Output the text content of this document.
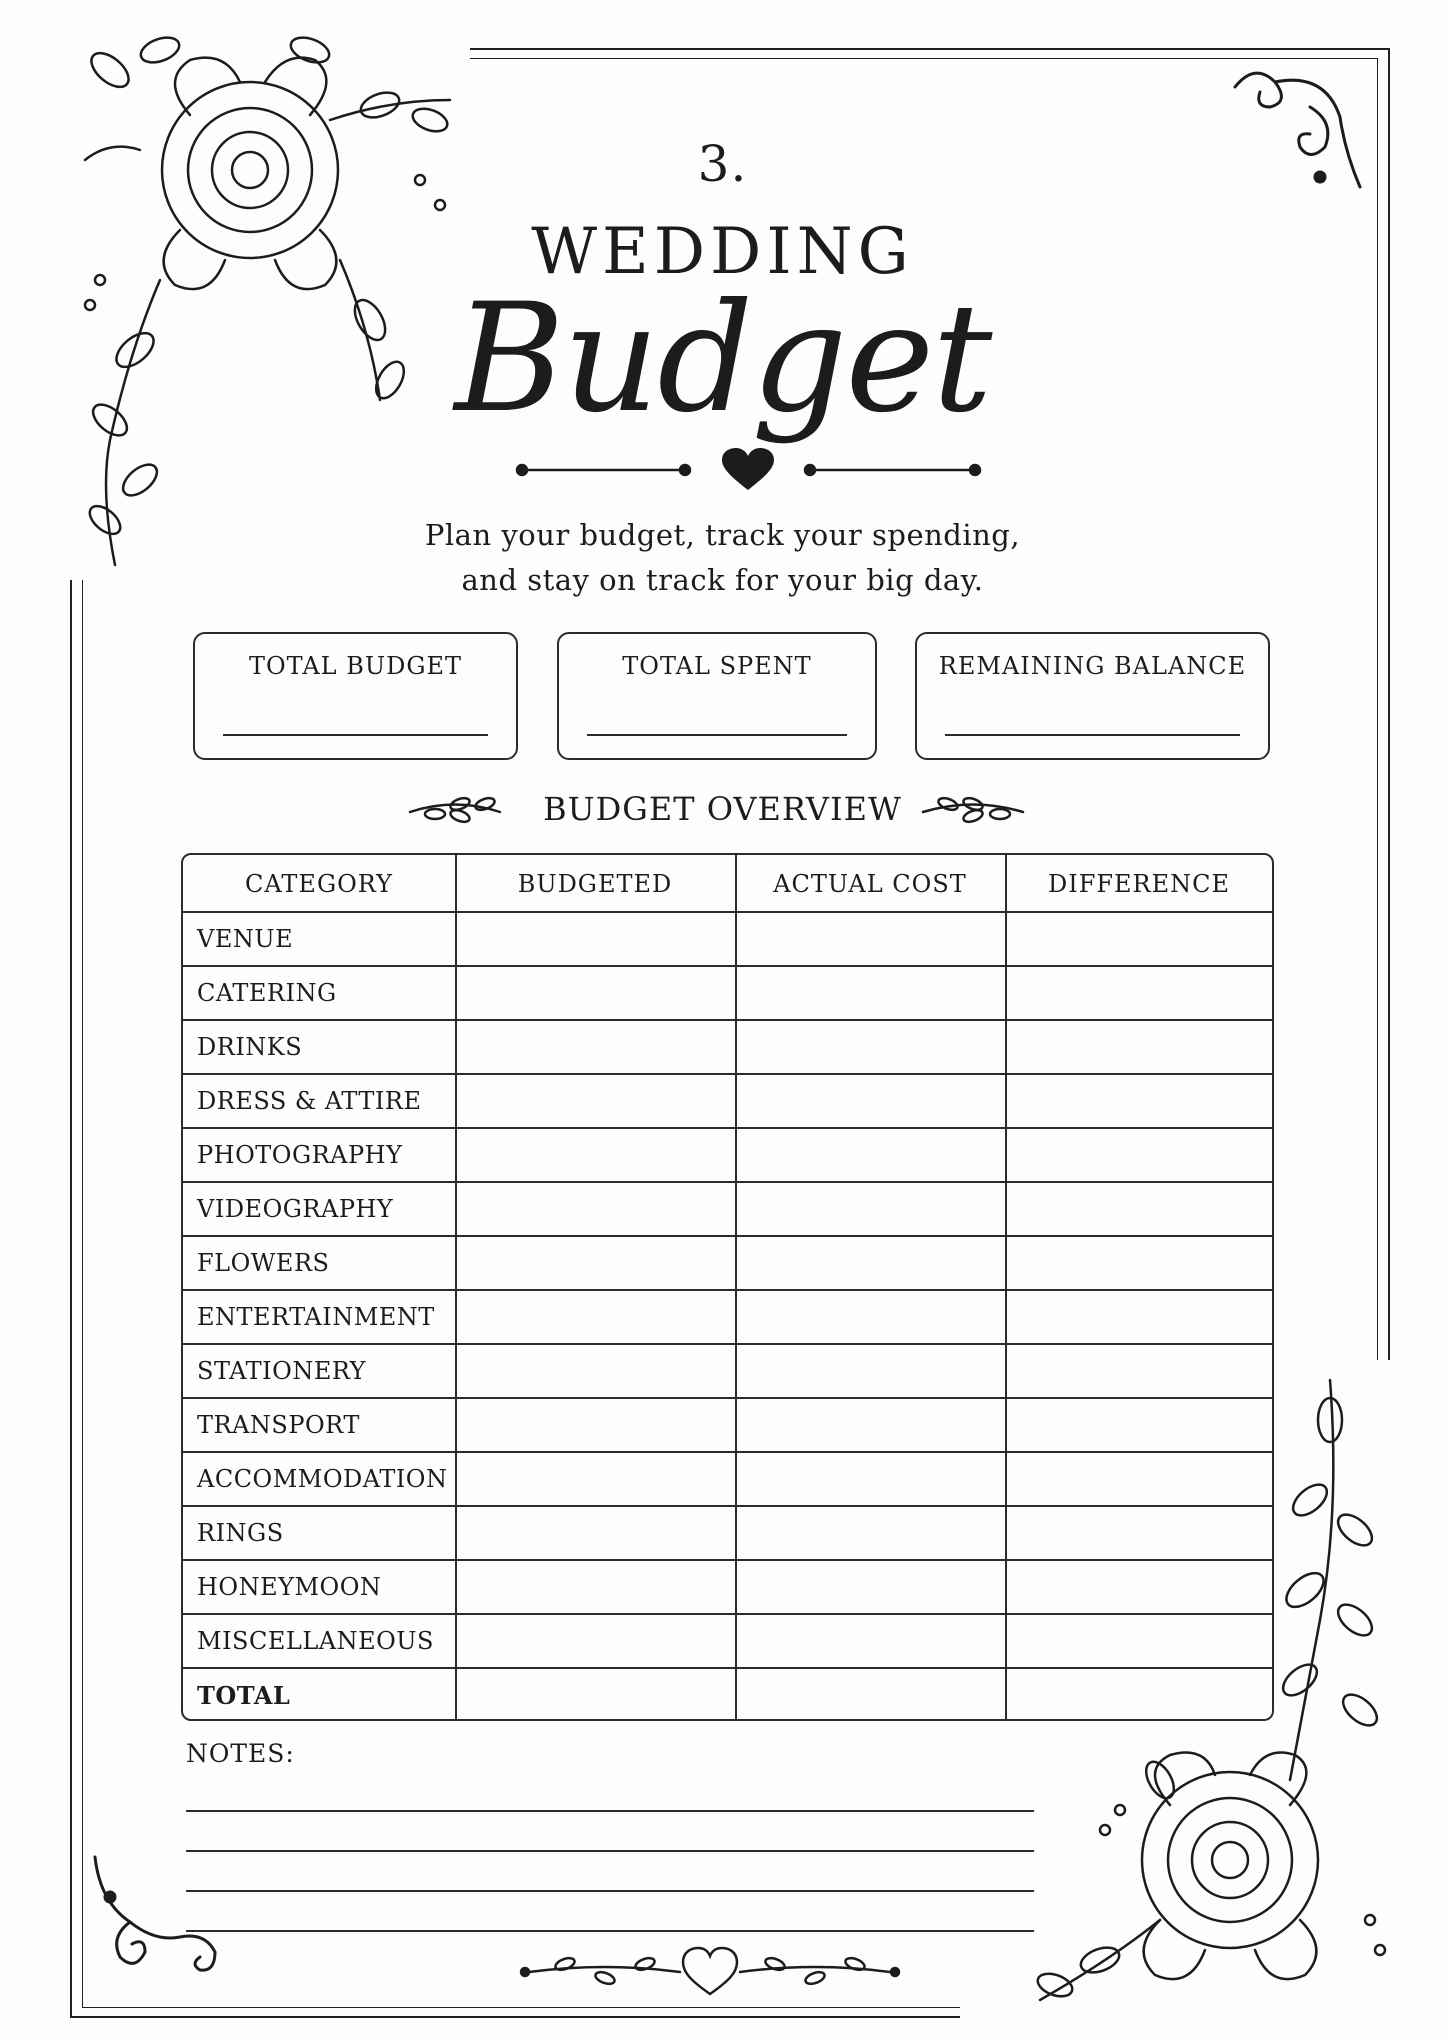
3.
WEDDING
Budget
Plan your budget, track your spending,
and stay on track for your big day.
TOTAL BUDGET	TOTAL SPENT	REMAINING BALANCE
BUDGET OVERVIEW
CATEGORY	BUDGETED	ACTUAL COST	DIFFERENCE
VENUE
CATERING
DRINKS
DRESS & ATTIRE
PHOTOGRAPHY
VIDEOGRAPHY
FLOWERS
ENTERTAINMENT
STATIONERY
TRANSPORT
ACCOMMODATION
RINGS
HONEYMOON
MISCELLANEOUS
TOTAL
NOTES:
